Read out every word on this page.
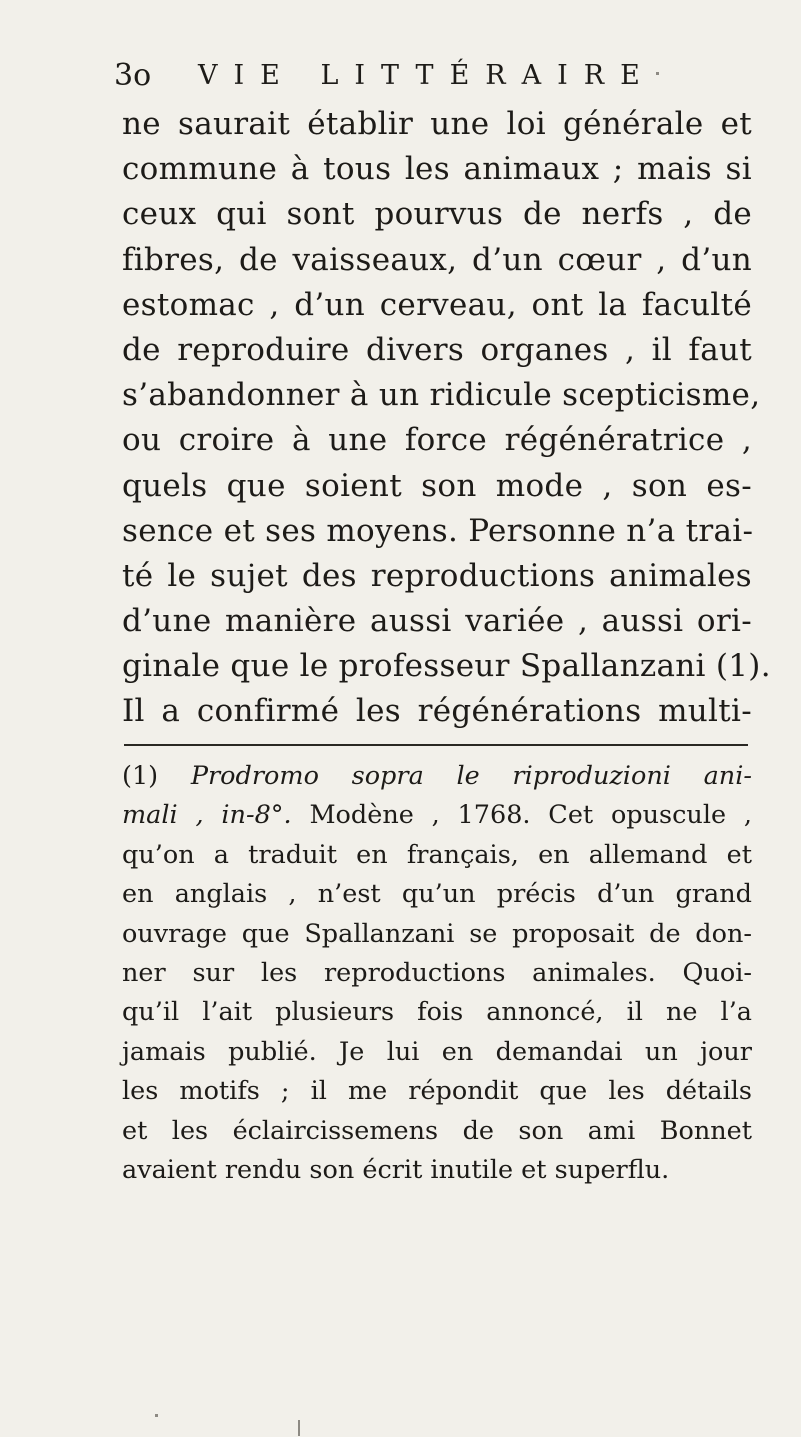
3o VIE LITTÉRAIRE
ne saurait établir une loi générale et
commune à tous les animaux ; mais si
ceux qui sont pourvus de nerfs , de
fibres, de vaisseaux, d’un cœur , d’un
estomac , d’un cerveau, ont la faculté
de reproduire divers organes , il faut
s’abandonner à un ridicule scepticisme,
ou croire à une force régénératrice ,
quels que soient son mode , son es-
sence et ses moyens. Personne n’a trai-
té le sujet des reproductions animales
d’une manière aussi variée , aussi ori-
ginale que le professeur Spallanzani (1).
Il a confirmé les régénérations multi-
(1) Prodromo sopra le riproduzioni ani-
mali , in-8°. Modène , 1768. Cet opuscule ,
qu’on a traduit en français, en allemand et
en anglais , n’est qu’un précis d’un grand
ouvrage que Spallanzani se proposait de don-
ner sur les reproductions animales. Quoi-
qu’il l’ait plusieurs fois annoncé, il ne l’a
jamais publié. Je lui en demandai un jour
les motifs ; il me répondit que les détails
et les éclaircissemens de son ami Bonnet
avaient rendu son écrit inutile et superflu.
